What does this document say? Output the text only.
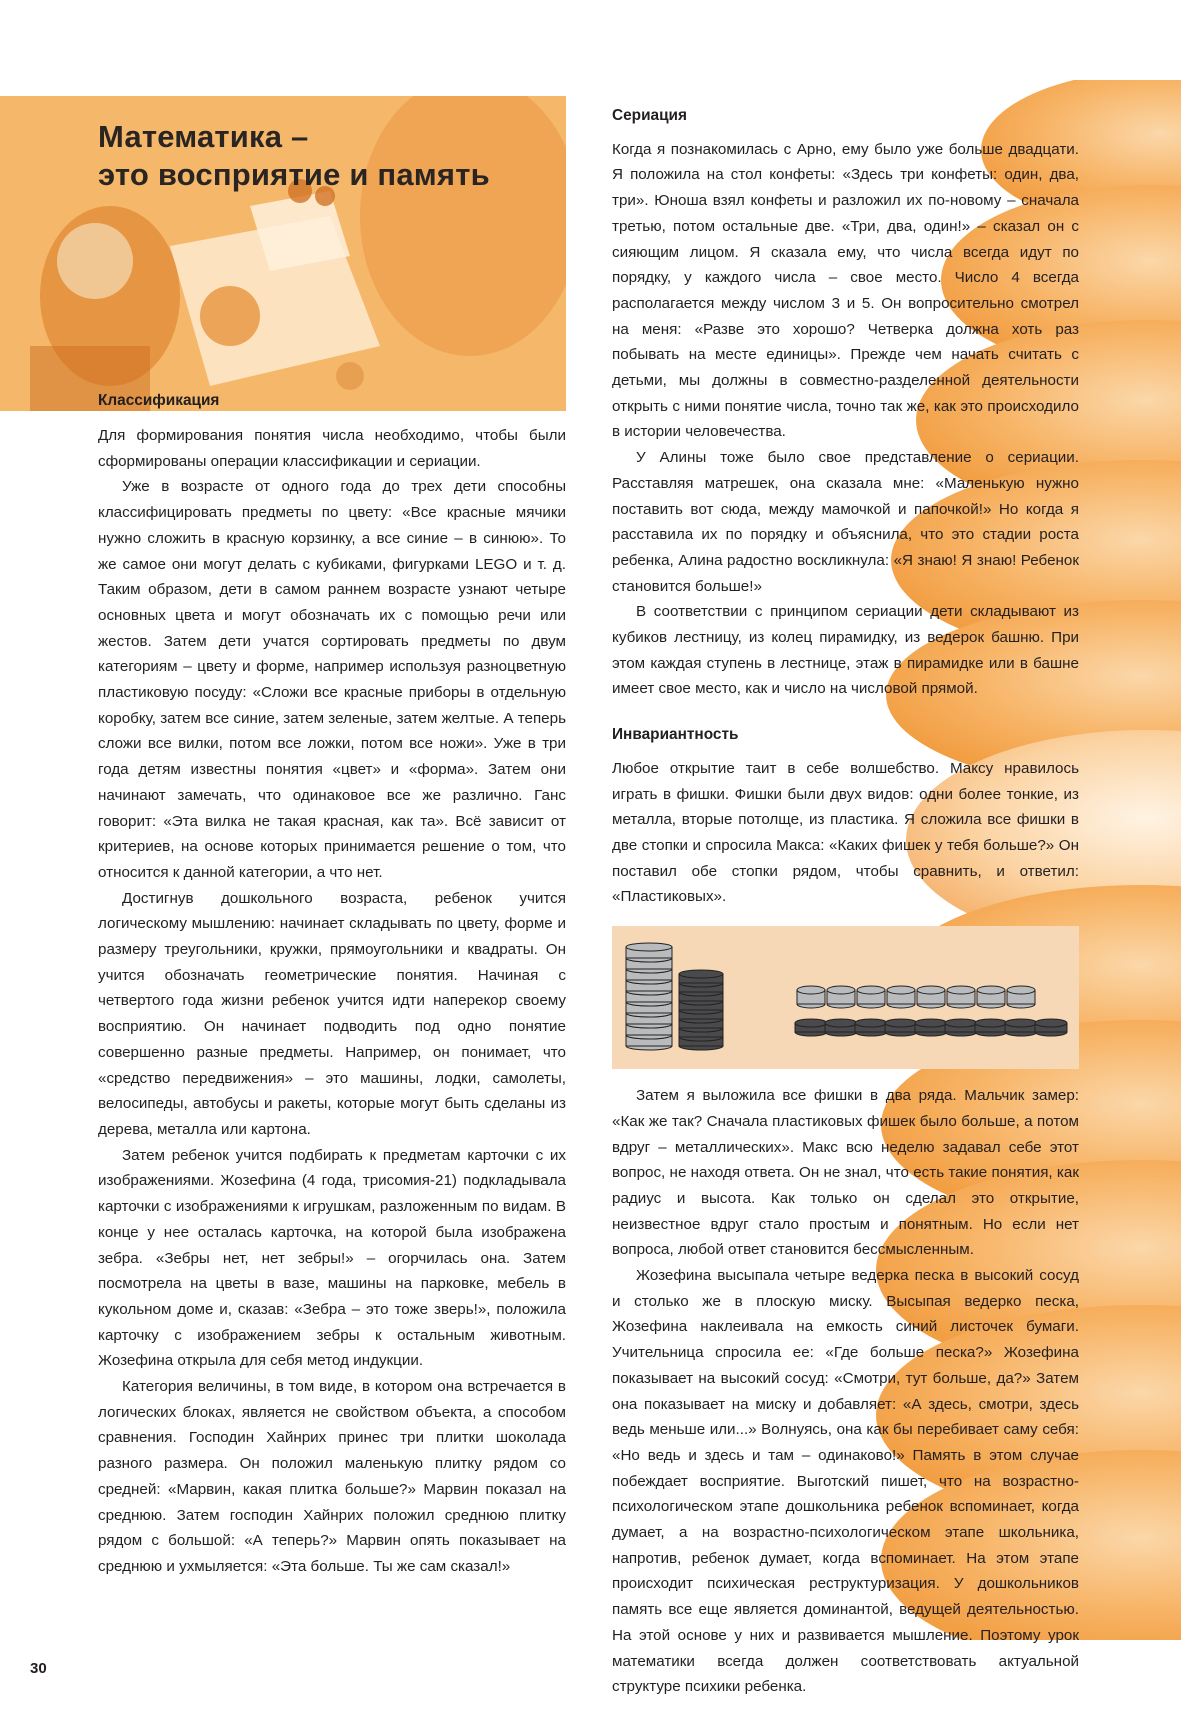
Математика –
это восприятие и память
Классификация

Для формирования понятия числа необходимо, чтобы были сформированы операции классификации и сериации.

Уже в возрасте от одного года до трех дети способны классифицировать предметы по цвету: «Все красные мячики нужно сложить в красную корзинку, а все синие – в синюю». То же самое они могут делать с кубиками, фигурками LEGO и т. д. Таким образом, дети в самом раннем возрасте узнают четыре основных цвета и могут обозначать их с помощью речи или жестов. Затем дети учатся сортировать предметы по двум категориям – цвету и форме, например используя разноцветную пластиковую посуду: «Сложи все красные приборы в отдельную коробку, затем все синие, затем зеленые, затем желтые. А теперь сложи все вилки, потом все ложки, потом все ножи». Уже в три года детям известны понятия «цвет» и «форма». Затем они начинают замечать, что одинаковое все же различно. Ганс говорит: «Эта вилка не такая красная, как та». Всё зависит от критериев, на основе которых принимается решение о том, что относится к данной категории, а что нет.

Достигнув дошкольного возраста, ребенок учится логическому мышлению: начинает складывать по цвету, форме и размеру треугольники, кружки, прямоугольники и квадраты. Он учится обозначать геометрические понятия. Начиная с четвертого года жизни ребенок учится идти наперекор своему восприятию. Он начинает подводить под одно понятие совершенно разные предметы. Например, он понимает, что «средство передвижения» – это машины, лодки, самолеты, велосипеды, автобусы и ракеты, которые могут быть сделаны из дерева, металла или картона.

Затем ребенок учится подбирать к предметам карточки с их изображениями. Жозефина (4 года, трисомия-21) подкладывала карточки с изображениями к игрушкам, разложенным по видам. В конце у нее осталась карточка, на которой была изображена зебра. «Зебры нет, нет зебры!» – огорчилась она. Затем посмотрела на цветы в вазе, машины на парковке, мебель в кукольном доме и, сказав: «Зебра – это тоже зверь!», положила карточку с изображением зебры к остальным животным. Жозефина открыла для себя метод индукции.

Категория величины, в том виде, в котором она встречается в логических блоках, является не свойством объекта, а способом сравнения. Господин Хайнрих принес три плитки шоколада разного размера. Он положил маленькую плитку рядом со средней: «Марвин, какая плитка больше?» Марвин показал на среднюю. Затем господин Хайнрих положил среднюю плитку рядом с большой: «А теперь?» Марвин опять показывает на среднюю и ухмыляется: «Эта больше. Ты же сам сказал!»

Сериация

Когда я познакомилась с Арно, ему было уже больше двадцати. Я положила на стол конфеты: «Здесь три конфеты: один, два, три». Юноша взял конфеты и разложил их по-новому – сначала третью, потом остальные две. «Три, два, один!» – сказал он с сияющим лицом. Я сказала ему, что числа всегда идут по порядку, у каждого числа – свое место. Число 4 всегда располагается между числом 3 и 5. Он вопросительно смотрел на меня: «Разве это хорошо? Четверка должна хоть раз побывать на месте единицы». Прежде чем начать считать с детьми, мы должны в совместно-разделенной деятельности открыть с ними понятие числа, точно так же, как это происходило в истории человечества.

У Алины тоже было свое представление о сериации. Расставляя матрешек, она сказала мне: «Маленькую нужно поставить вот сюда, между мамочкой и папочкой!» Но когда я расставила их по порядку и объяснила, что это стадии роста ребенка, Алина радостно воскликнула: «Я знаю! Я знаю! Ребенок становится больше!»

В соответствии с принципом сериации дети складывают из кубиков лестницу, из колец пирамидку, из ведерок башню. При этом каждая ступень в лестнице, этаж в пирамидке или в башне имеет свое место, как и число на числовой прямой.

Инвариантность

Любое открытие таит в себе волшебство. Максу нравилось играть в фишки. Фишки были двух видов: одни более тонкие, из металла, вторые потолще, из пластика. Я сложила все фишки в две стопки и спросила Макса: «Каких фишек у тебя больше?» Он поставил обе стопки рядом, чтобы сравнить, и ответил: «Пластиковых».

Затем я выложила все фишки в два ряда. Мальчик замер: «Как же так? Сначала пластиковых фишек было больше, а потом вдруг – металлических». Макс всю неделю задавал себе этот вопрос, не находя ответа. Он не знал, что есть такие понятия, как радиус и высота. Как только он сделал это открытие, неизвестное вдруг стало простым и понятным. Но если нет вопроса, любой ответ становится бессмысленным.

Жозефина высыпала четыре ведерка песка в высокий сосуд и столько же в плоскую миску. Высыпая ведерко песка, Жозефина наклеивала на емкость синий листочек бумаги. Учительница спросила ее: «Где больше песка?» Жозефина показывает на высокий сосуд: «Смотри, тут больше, да?» Затем она показывает на миску и добавляет: «А здесь, смотри, здесь ведь меньше или...» Волнуясь, она как бы перебивает саму себя: «Но ведь и здесь и там – одинаково!» Память в этом случае побеждает восприятие. Выготский пишет, что на возрастно-психологическом этапе дошкольника ребенок вспоминает, когда думает, а на возрастно-психологическом этапе школьника, напротив, ребенок думает, когда вспоминает. На этом этапе происходит психическая реструктуризация. У дошкольников память все еще является доминантой, ведущей деятельностью. На этой основе у них и развивается мышление. Поэтому урок математики всегда должен соответствовать актуальной структуре психики ребенка.

30
